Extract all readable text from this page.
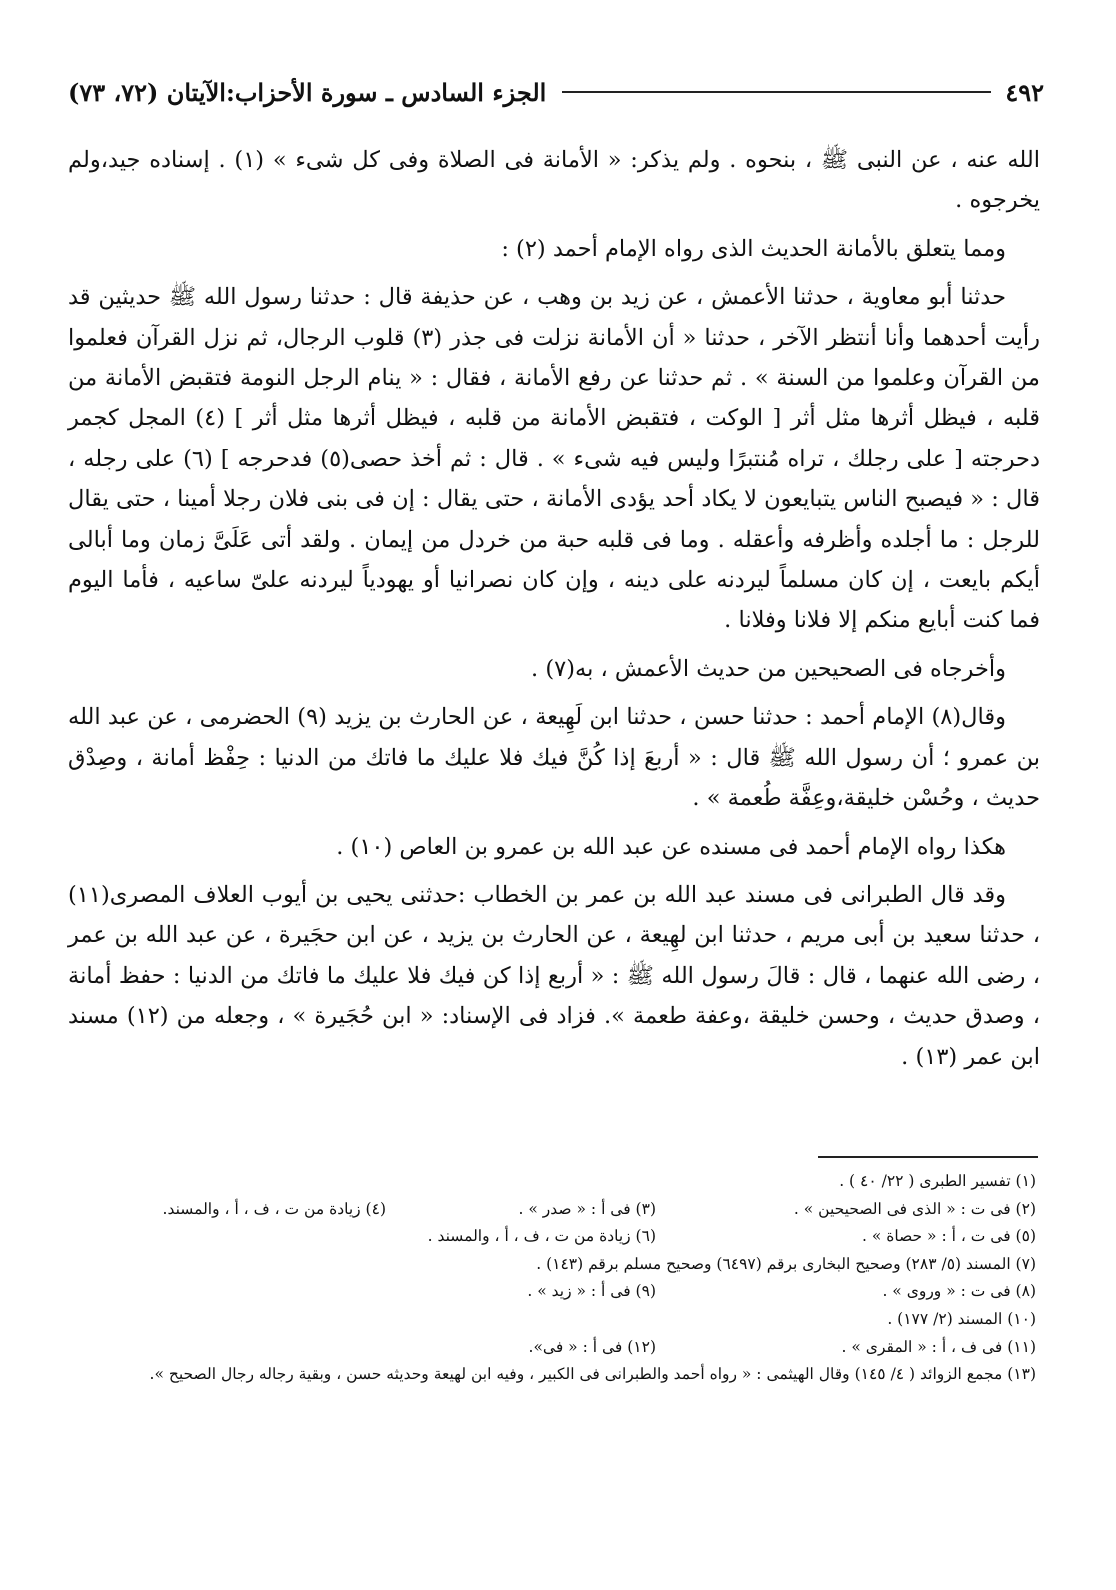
٤٩٢
الجزء السادس ـ سورة الأحزاب:الآيتان (٧٢، ٧٣)

الله عنه ، عن النبى ﷺ ، بنحوه . ولم يذكر: « الأمانة فى الصلاة وفى كل شىء » (١) . إسناده جيد،ولم يخرجوه .

ومما يتعلق بالأمانة الحديث الذى رواه الإمام أحمد (٢) :

حدثنا أبو معاوية ، حدثنا الأعمش ، عن زيد بن وهب ، عن حذيفة قال : حدثنا رسول الله ﷺ حديثين قد رأيت أحدهما وأنا أنتظر الآخر ، حدثنا « أن الأمانة نزلت فى جذر (٣) قلوب الرجال، ثم نزل القرآن فعلموا من القرآن وعلموا من السنة » . ثم حدثنا عن رفع الأمانة ، فقال : « ينام الرجل النومة فتقبض الأمانة من قلبه ، فيظل أثرها مثل أثر [ الوكت ، فتقبض الأمانة من قلبه ، فيظل أثرها مثل أثر ] (٤) المجل كجمر دحرجته [ على رجلك ، تراه مُنتبرًا وليس فيه شىء » . قال : ثم أخذ حصى(٥) فدحرجه ] (٦) على رجله ، قال : « فيصبح الناس يتبايعون لا يكاد أحد يؤدى الأمانة ، حتى يقال : إن فى بنى فلان رجلا أمينا ، حتى يقال للرجل : ما أجلده وأظرفه وأعقله . وما فى قلبه حبة من خردل من إيمان . ولقد أتى عَلَىَّ زمان وما أبالى أيكم بايعت ، إن كان مسلماً ليردنه على دينه ، وإن كان نصرانيا أو يهودياً ليردنه علىّ ساعيه ، فأما اليوم فما كنت أبايع منكم إلا فلانا وفلانا .

وأخرجاه فى الصحيحين من حديث الأعمش ، به(٧) .

وقال(٨) الإمام أحمد : حدثنا حسن ، حدثنا ابن لَهِيعة ، عن الحارث بن يزيد (٩) الحضرمى ، عن عبد الله بن عمرو ؛ أن رسول الله ﷺ قال : « أربعَ إذا كُنَّ فيك فلا عليك ما فاتك من الدنيا : حِفْظ أمانة ، وصِدْق حديث ، وحُسْن خليقة،وعِفَّة طُعمة » .

هكذا رواه الإمام أحمد فى مسنده عن عبد الله بن عمرو بن العاص (١٠) .

وقد قال الطبرانى فى مسند عبد الله بن عمر بن الخطاب :حدثنى يحيى بن أيوب العلاف المصرى(١١) ، حدثنا سعيد بن أبى مريم ، حدثنا ابن لهِيعة ، عن الحارث بن يزيد ، عن ابن حجَيرة ، عن عبد الله بن عمر ، رضى الله عنهما ، قال : قالَ رسول الله ﷺ : « أربع إذا كن فيك فلا عليك ما فاتك من الدنيا : حفظ أمانة ، وصدق حديث ، وحسن خليقة ،وعفة طعمة ». فزاد فى الإسناد: « ابن حُجَيرة » ، وجعله من (١٢) مسند ابن عمر (١٣) .

(١) تفسير الطبرى ( ٢٢/ ٤٠ ) .
(٢) فى ت : « الذى فى الصحيحين » .
(٣) فى أ : « صدر » .
(٤) زيادة من ت ، ف ، أ ، والمسند.
(٥) فى ت ، أ : « حصاة » .
(٦) زيادة من ت ، ف ، أ ، والمسند .
(٧) المسند (٥/ ٢٨٣) وصحيح البخارى برقم (٦٤٩٧) وصحيح مسلم برقم (١٤٣) .
(٨) فى ت : « وروى » .
(٩) فى أ : « زيد » .
(١٠) المسند (٢/ ١٧٧) .
(١١) فى ف ، أ : « المقرى » .
(١٢) فى أ : « فى».
(١٣) مجمع الزوائد ( ٤/ ١٤٥) وقال الهيثمى : « رواه أحمد والطبرانى فى الكبير ، وفيه ابن لهيعة وحديثه حسن ، وبقية رجاله رجال الصحيح ».
